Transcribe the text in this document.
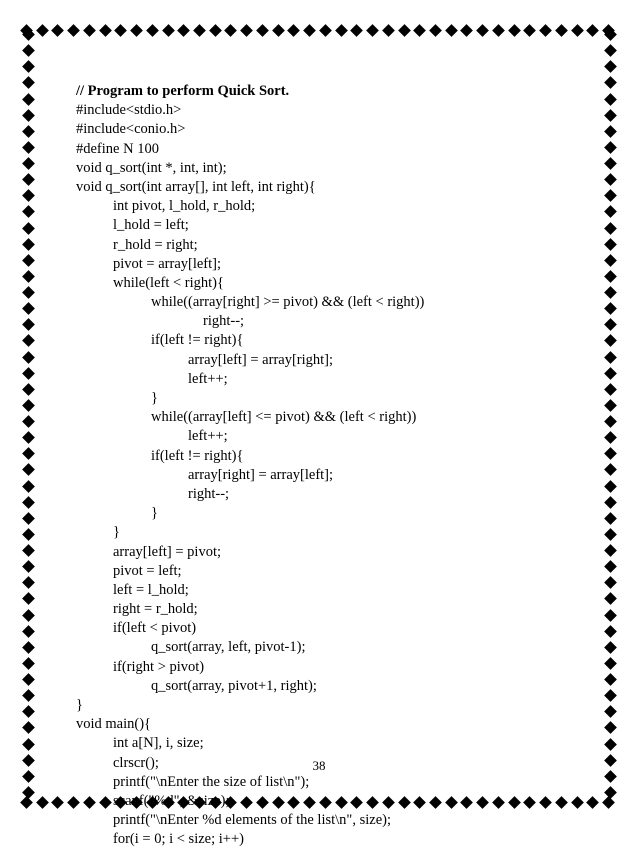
// Program to perform Quick Sort.
#include<stdio.h>
#include<conio.h>
#define N 100
void q_sort(int *, int, int);
void q_sort(int array[], int left, int right){
int pivot, l_hold, r_hold;
l_hold = left;
r_hold = right;
pivot = array[left];
while(left < right){
while((array[right] >= pivot) && (left < right))
right--;
if(left != right){
array[left] = array[right];
left++;
}
while((array[left] <= pivot) && (left < right))
left++;
if(left != right){
array[right] = array[left];
right--;
}
}
array[left] = pivot;
pivot = left;
left = l_hold;
right = r_hold;
if(left < pivot)
q_sort(array, left, pivot-1);
if(right > pivot)
q_sort(array, pivot+1, right);
}
void main(){
int a[N], i, size;
clrscr();
printf("\nEnter the size of list\n");
scanf("%d", &size);
printf("\nEnter %d elements of the list\n", size);
for(i = 0; i < size; i++)
38
